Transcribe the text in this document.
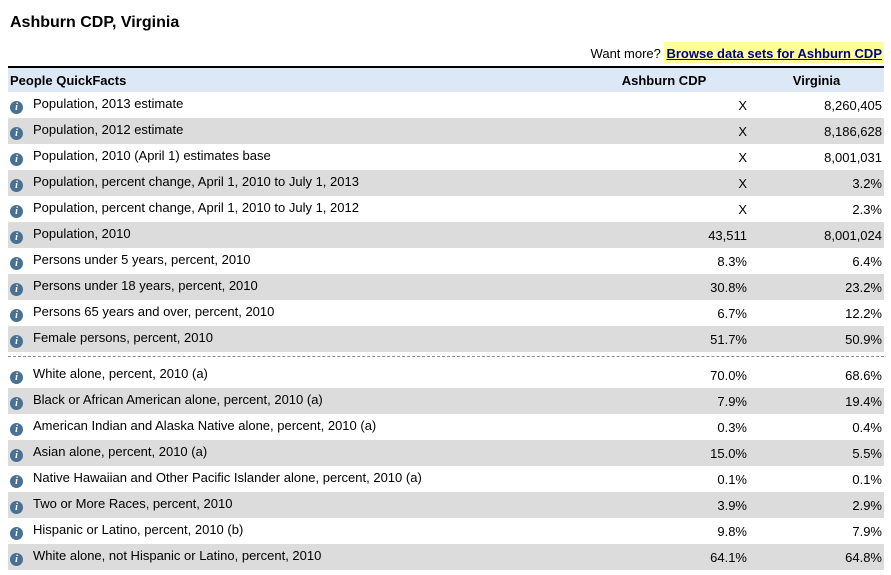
Ashburn CDP, Virginia
Want more? Browse data sets for Ashburn CDP
People QuickFacts	Ashburn CDP	Virginia
i Population, 2013 estimate	X	8,260,405
i Population, 2012 estimate	X	8,186,628
i Population, 2010 (April 1) estimates base	X	8,001,031
i Population, percent change, April 1, 2010 to July 1, 2013	X	3.2%
i Population, percent change, April 1, 2010 to July 1, 2012	X	2.3%
i Population, 2010	43,511	8,001,024
i Persons under 5 years, percent, 2010	8.3%	6.4%
i Persons under 18 years, percent, 2010	30.8%	23.2%
i Persons 65 years and over, percent, 2010	6.7%	12.2%
i Female persons, percent, 2010	51.7%	50.9%

i White alone, percent, 2010 (a)	70.0%	68.6%
i Black or African American alone, percent, 2010 (a)	7.9%	19.4%
i American Indian and Alaska Native alone, percent, 2010 (a)	0.3%	0.4%
i Asian alone, percent, 2010 (a)	15.0%	5.5%
i Native Hawaiian and Other Pacific Islander alone, percent, 2010 (a)	0.1%	0.1%
i Two or More Races, percent, 2010	3.9%	2.9%
i Hispanic or Latino, percent, 2010 (b)	9.8%	7.9%
i White alone, not Hispanic or Latino, percent, 2010	64.1%	64.8%
